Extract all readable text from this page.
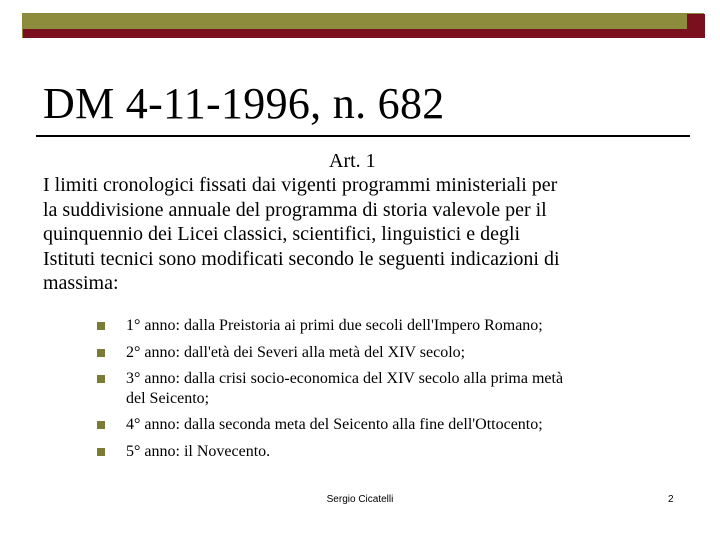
DM 4-11-1996, n. 682
Art. 1
I limiti cronologici fissati dai vigenti programmi ministeriali per
la suddivisione annuale del programma di storia valevole per il
quinquennio dei Licei classici, scientifici, linguistici e degli
Istituti tecnici sono modificati secondo le seguenti indicazioni di
massima:
1° anno: dalla Preistoria ai primi due secoli dell'Impero Romano;
2° anno: dall'età dei Severi alla metà del XIV secolo;
3° anno: dalla crisi socio-economica del XIV secolo alla prima metà
del Seicento;
4° anno: dalla seconda meta del Seicento alla fine dell'Ottocento;
5° anno: il Novecento.
Sergio Cicatelli	2
